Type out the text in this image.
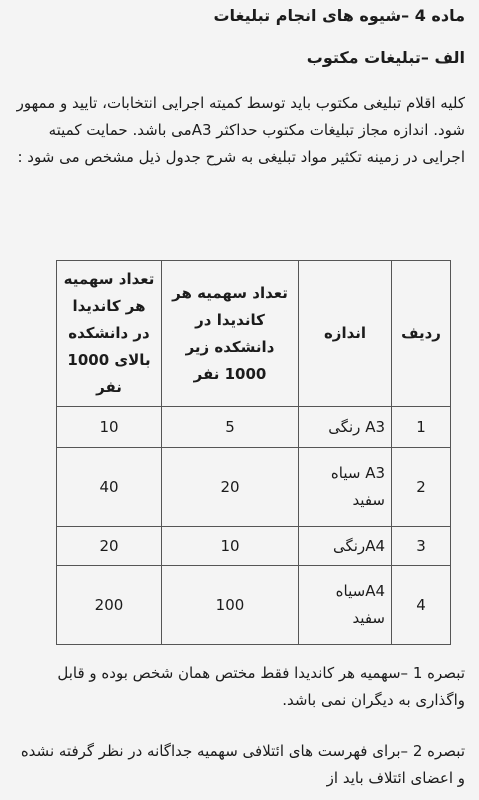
ماده 4 –شیوه های انجام تبلیغات
الف –تبلیغات مکتوب

کلیه اقلام تبلیغی مکتوب باید توسط کمیته اجرایی انتخابات، تایید و ممهور شود. اندازه مجاز تبلیغات مکتوب حداکثر A3می باشد. حمایت کمیته اجرایی در زمینه تکثیر مواد تبلیغی به شرح جدول ذیل مشخص می شود :

ردیف	اندازه	تعداد سهمیه هر کاندیدا در دانشکده زیر 1000 نفر	تعداد سهمیه هر کاندیدا در دانشکده بالای 1000 نفر
1	A3 رنگی	5	10
2	A3 سیاه سفید	20	40
3	A4رنگی	10	20
4	A4سیاه سفید	100	200

تبصره 1 –سهمیه هر کاندیدا فقط مختص همان شخص بوده و قابل واگذاری به دیگران نمی باشد.

تبصره 2 –برای فهرست های ائتلافی سهمیه جداگانه در نظر گرفته نشده و اعضای ائتلاف باید از
